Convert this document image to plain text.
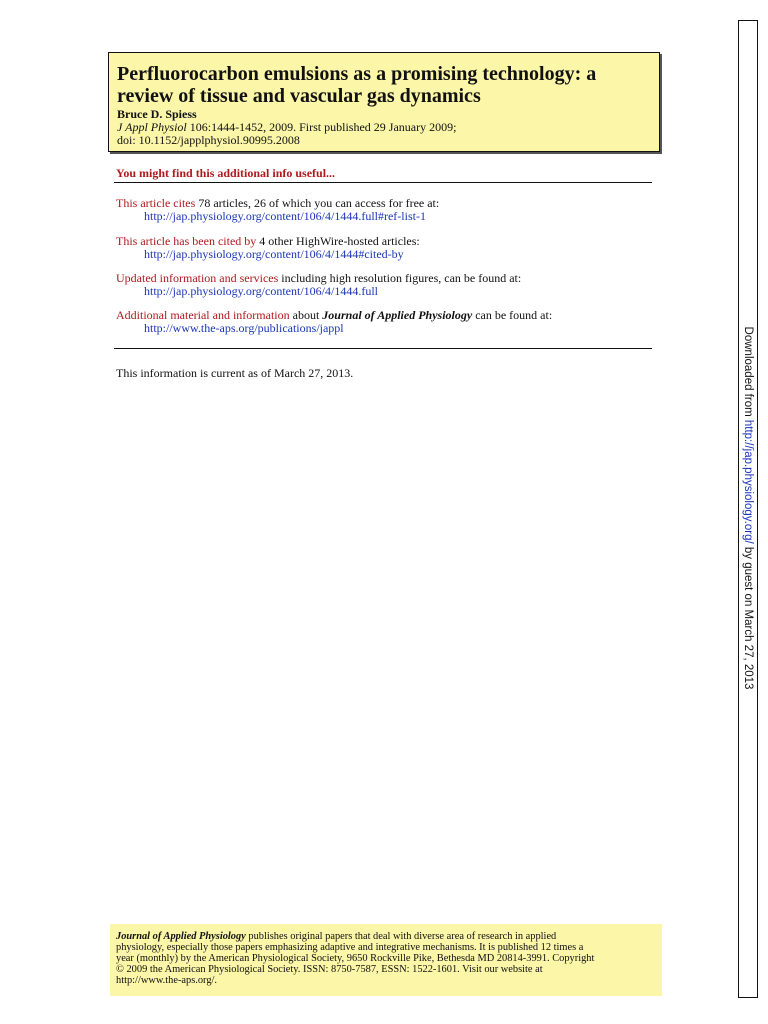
Perfluorocarbon emulsions as a promising technology: a
review of tissue and vascular gas dynamics
Bruce D. Spiess
J Appl Physiol 106:1444-1452, 2009. First published 29 January 2009;
doi: 10.1152/japplphysiol.90995.2008
You might find this additional info useful...
This article cites 78 articles, 26 of which you can access for free at:
http://jap.physiology.org/content/106/4/1444.full#ref-list-1
This article has been cited by 4 other HighWire-hosted articles:
http://jap.physiology.org/content/106/4/1444#cited-by
Updated information and services including high resolution figures, can be found at:
http://jap.physiology.org/content/106/4/1444.full
Additional material and information about Journal of Applied Physiology can be found at:
http://www.the-aps.org/publications/jappl
This information is current as of March 27, 2013.
Journal of Applied Physiology publishes original papers that deal with diverse area of research in applied
physiology, especially those papers emphasizing adaptive and integrative mechanisms. It is published 12 times a
year (monthly) by the American Physiological Society, 9650 Rockville Pike, Bethesda MD 20814-3991. Copyright
© 2009 the American Physiological Society. ISSN: 8750-7587, ESSN: 1522-1601. Visit our website at
http://www.the-aps.org/.
Downloaded from http://jap.physiology.org/ by guest on March 27, 2013
